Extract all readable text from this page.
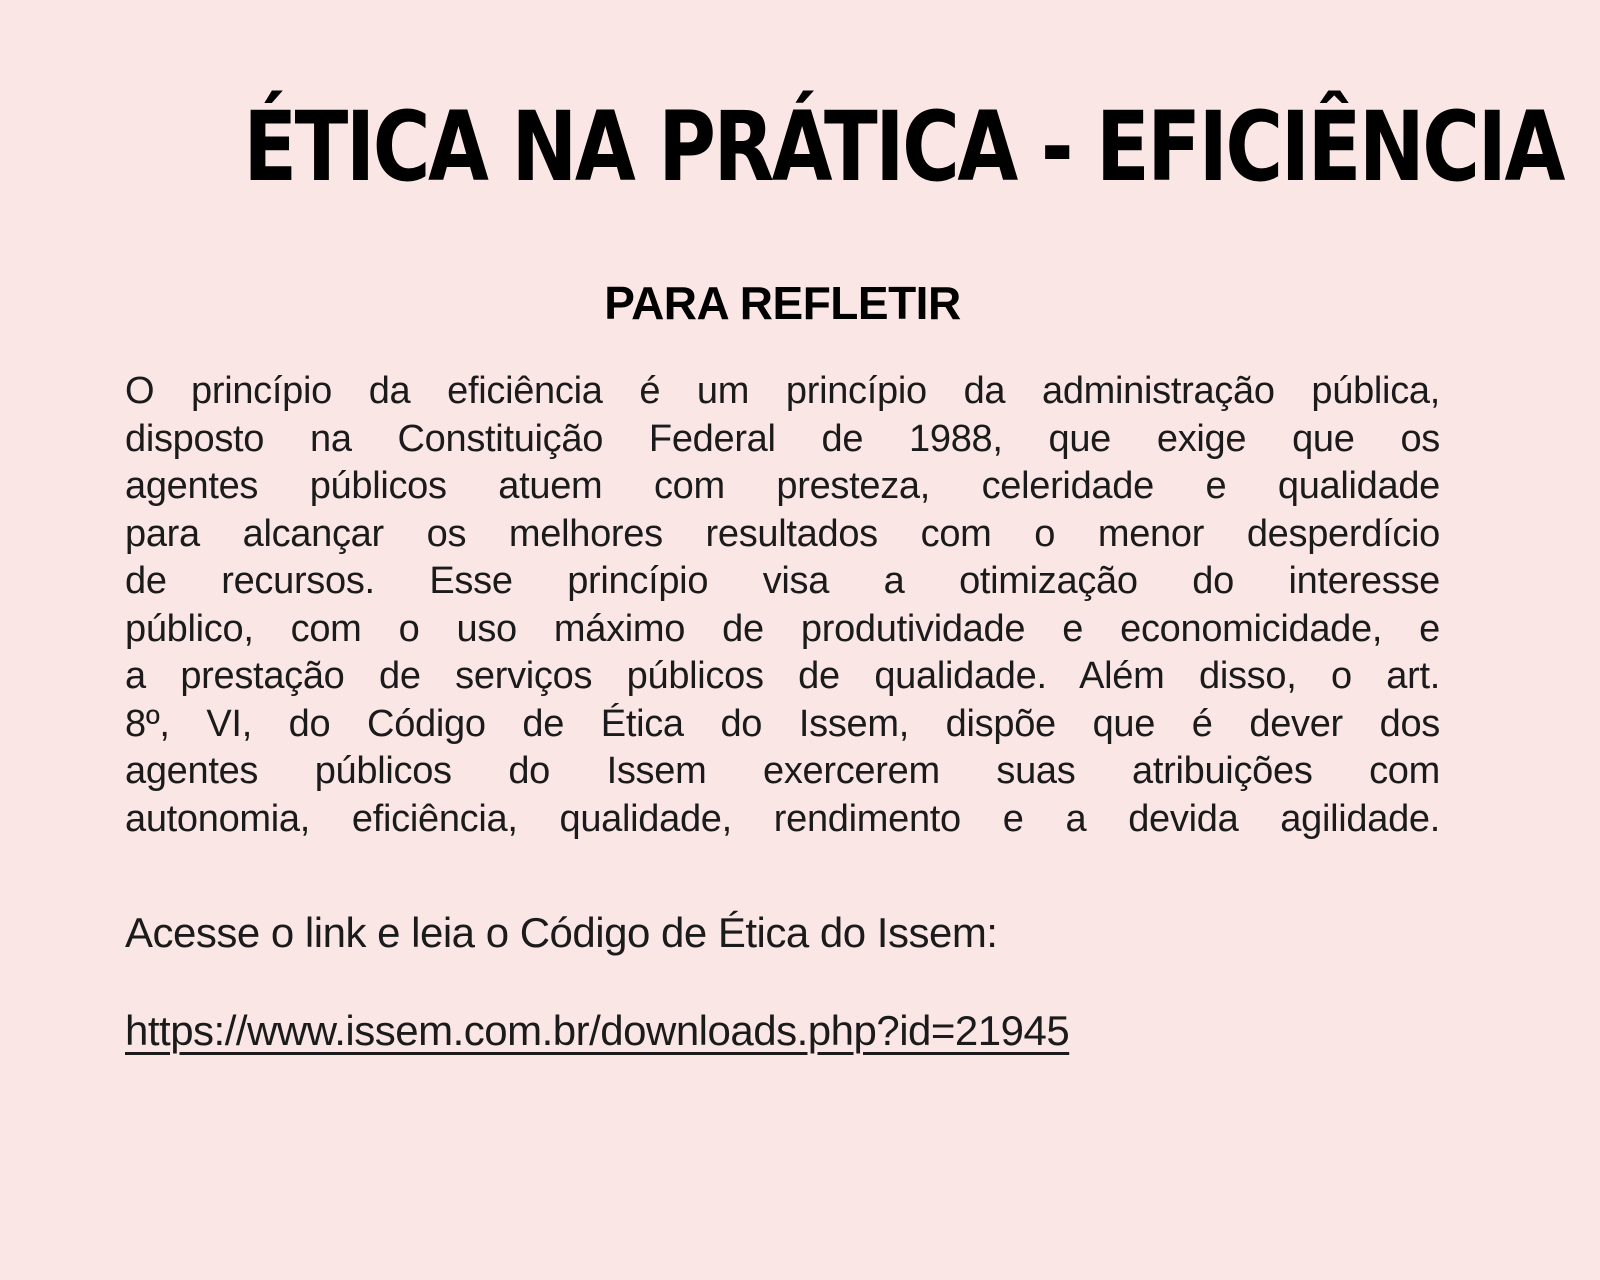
ÉTICA NA PRÁTICA - EFICIÊNCIA
PARA REFLETIR
O princípio da eficiência é um princípio da administração pública,
disposto na Constituição Federal de 1988, que exige que os
agentes públicos atuem com presteza, celeridade e qualidade
para alcançar os melhores resultados com o menor desperdício
de recursos. Esse princípio visa a otimização do interesse
público, com o uso máximo de produtividade e economicidade, e
a prestação de serviços públicos de qualidade. Além disso, o art.
8º, VI, do Código de Ética do Issem, dispõe que é dever dos
agentes públicos do Issem exercerem suas atribuições com
autonomia, eficiência, qualidade, rendimento e a devida agilidade.

Acesse o link e leia o Código de Ética do Issem:

https://www.issem.com.br/downloads.php?id=21945
